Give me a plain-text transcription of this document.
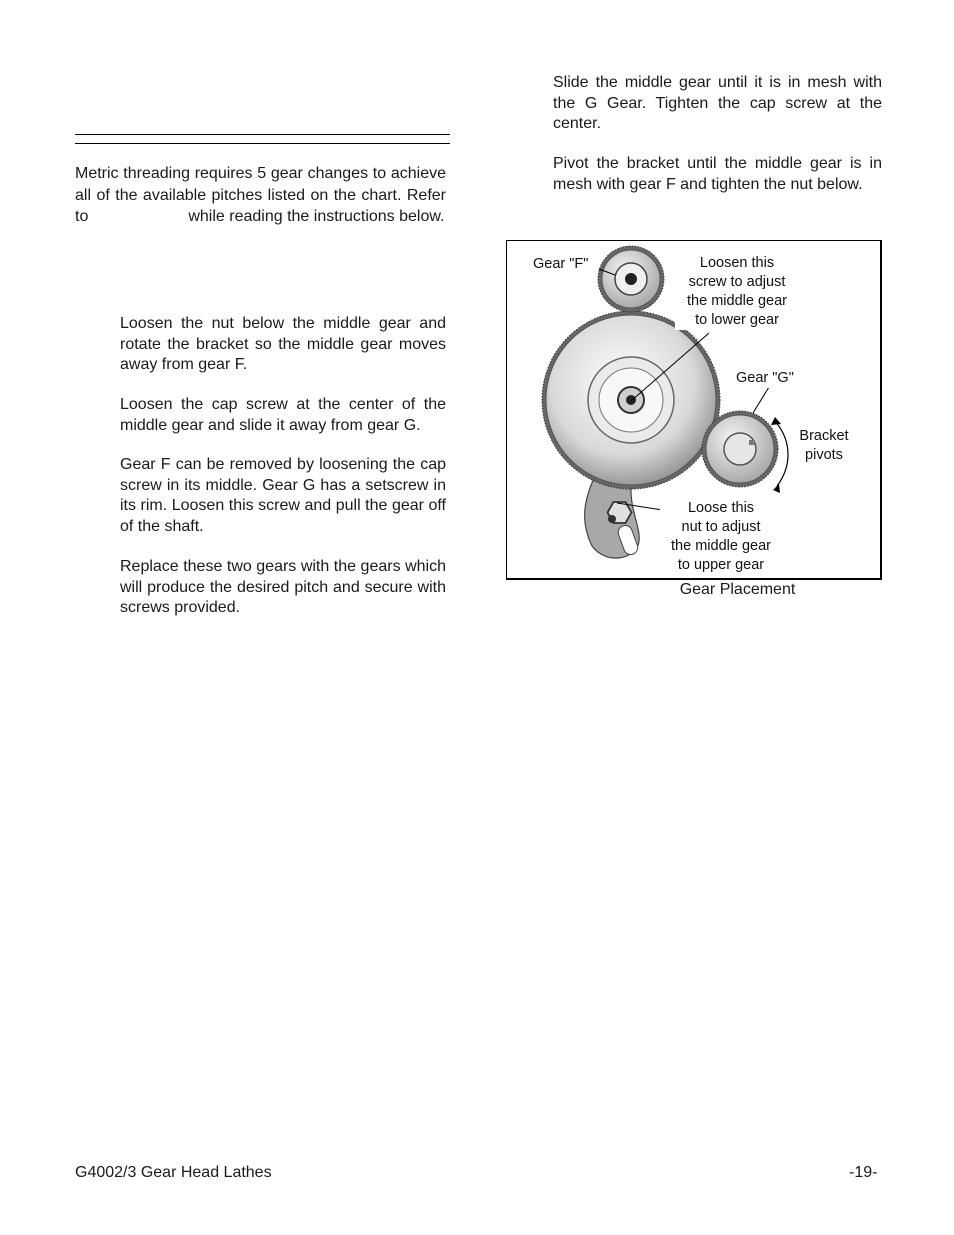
Metric threading requires 5 gear changes to achieve all of the available pitches listed on the chart. Refer to	while reading the instructions below.

Loosen the nut below the middle gear and rotate the bracket so the middle gear moves away from gear F.

Loosen the cap screw at the center of the middle gear and slide it away from gear G.

Gear F can be removed by loosening the cap screw in its middle. Gear G has a setscrew in its rim. Loosen this screw and pull the gear off of the shaft.

Replace these two gears with the gears which will produce the desired pitch and secure with screws provided.

Slide the middle gear until it is in mesh with the G Gear. Tighten the cap screw at the center.

Pivot the bracket until the middle gear is in mesh with gear F and tighten the nut below.

Gear "F"	Loosen this
screw to adjust
the middle gear
to lower gear
Gear "G"
Bracket
pivots
Loose this
nut to adjust
the middle gear
to upper gear
Gear Placement
G4002/3 Gear Head Lathes	-19-
